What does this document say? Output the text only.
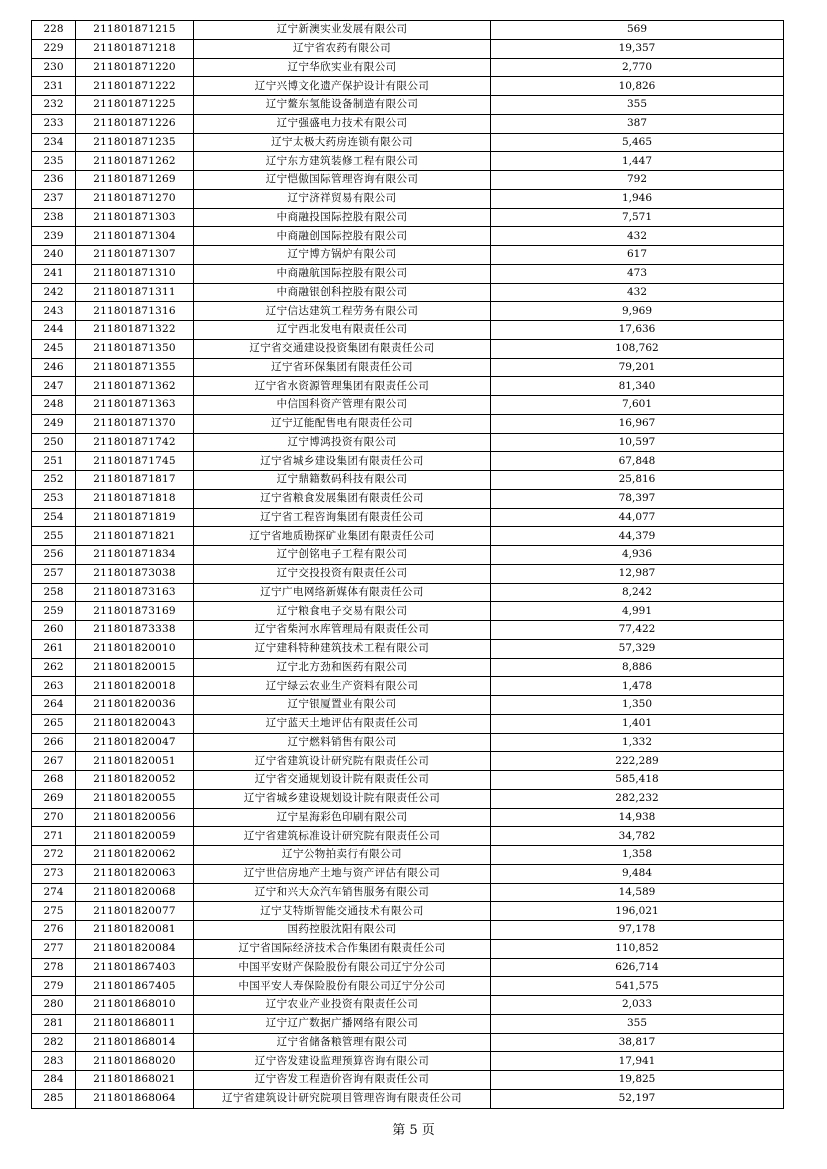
228	211801871215	辽宁新澳实业发展有限公司	569
229	211801871218	辽宁省农药有限公司	19,357
230	211801871220	辽宁华欣实业有限公司	2,770
231	211801871222	辽宁兴博文化遗产保护设计有限公司	10,826
232	211801871225	辽宁鳌东氢能设备制造有限公司	355
233	211801871226	辽宁强盛电力技术有限公司	387
234	211801871235	辽宁太极大药房连锁有限公司	5,465
235	211801871262	辽宁东方建筑装修工程有限公司	1,447
236	211801871269	辽宁恺傲国际管理咨询有限公司	792
237	211801871270	辽宁济祥贸易有限公司	1,946
238	211801871303	中商融投国际控股有限公司	7,571
239	211801871304	中商融创国际控股有限公司	432
240	211801871307	辽宁博方锅炉有限公司	617
241	211801871310	中商融航国际控股有限公司	473
242	211801871311	中商融银创科控股有限公司	432
243	211801871316	辽宁信达建筑工程劳务有限公司	9,969
244	211801871322	辽宁西北发电有限责任公司	17,636
245	211801871350	辽宁省交通建设投资集团有限责任公司	108,762
246	211801871355	辽宁省环保集团有限责任公司	79,201
247	211801871362	辽宁省水资源管理集团有限责任公司	81,340
248	211801871363	中信国科资产管理有限公司	7,601
249	211801871370	辽宁辽能配售电有限责任公司	16,967
250	211801871742	辽宁博鸿投资有限公司	10,597
251	211801871745	辽宁省城乡建设集团有限责任公司	67,848
252	211801871817	辽宁鼎籍数码科技有限公司	25,816
253	211801871818	辽宁省粮食发展集团有限责任公司	78,397
254	211801871819	辽宁省工程咨询集团有限责任公司	44,077
255	211801871821	辽宁省地质勘探矿业集团有限责任公司	44,379
256	211801871834	辽宁创铭电子工程有限公司	4,936
257	211801873038	辽宁交投投资有限责任公司	12,987
258	211801873163	辽宁广电网络新媒体有限责任公司	8,242
259	211801873169	辽宁粮食电子交易有限公司	4,991
260	211801873338	辽宁省柴河水库管理局有限责任公司	77,422
261	211801820010	辽宁建科特种建筑技术工程有限公司	57,329
262	211801820015	辽宁北方劲和医药有限公司	8,886
263	211801820018	辽宁绿云农业生产资料有限公司	1,478
264	211801820036	辽宁银厦置业有限公司	1,350
265	211801820043	辽宁蓝天土地评估有限责任公司	1,401
266	211801820047	辽宁燃料销售有限公司	1,332
267	211801820051	辽宁省建筑设计研究院有限责任公司	222,289
268	211801820052	辽宁省交通规划设计院有限责任公司	585,418
269	211801820055	辽宁省城乡建设规划设计院有限责任公司	282,232
270	211801820056	辽宁星海彩色印刷有限公司	14,938
271	211801820059	辽宁省建筑标准设计研究院有限责任公司	34,782
272	211801820062	辽宁公物拍卖行有限公司	1,358
273	211801820063	辽宁世信房地产土地与资产评估有限公司	9,484
274	211801820068	辽宁和兴大众汽车销售服务有限公司	14,589
275	211801820077	辽宁艾特斯智能交通技术有限公司	196,021
276	211801820081	国药控股沈阳有限公司	97,178
277	211801820084	辽宁省国际经济技术合作集团有限责任公司	110,852
278	211801867403	中国平安财产保险股份有限公司辽宁分公司	626,714
279	211801867405	中国平安人寿保险股份有限公司辽宁分公司	541,575
280	211801868010	辽宁农业产业投资有限责任公司	2,033
281	211801868011	辽宁辽广数据广播网络有限公司	355
282	211801868014	辽宁省储备粮管理有限公司	38,817
283	211801868020	辽宁咨发建设监理预算咨询有限公司	17,941
284	211801868021	辽宁咨发工程造价咨询有限责任公司	19,825
285	211801868064	辽宁省建筑设计研究院项目管理咨询有限责任公司	52,197
第 5 页
